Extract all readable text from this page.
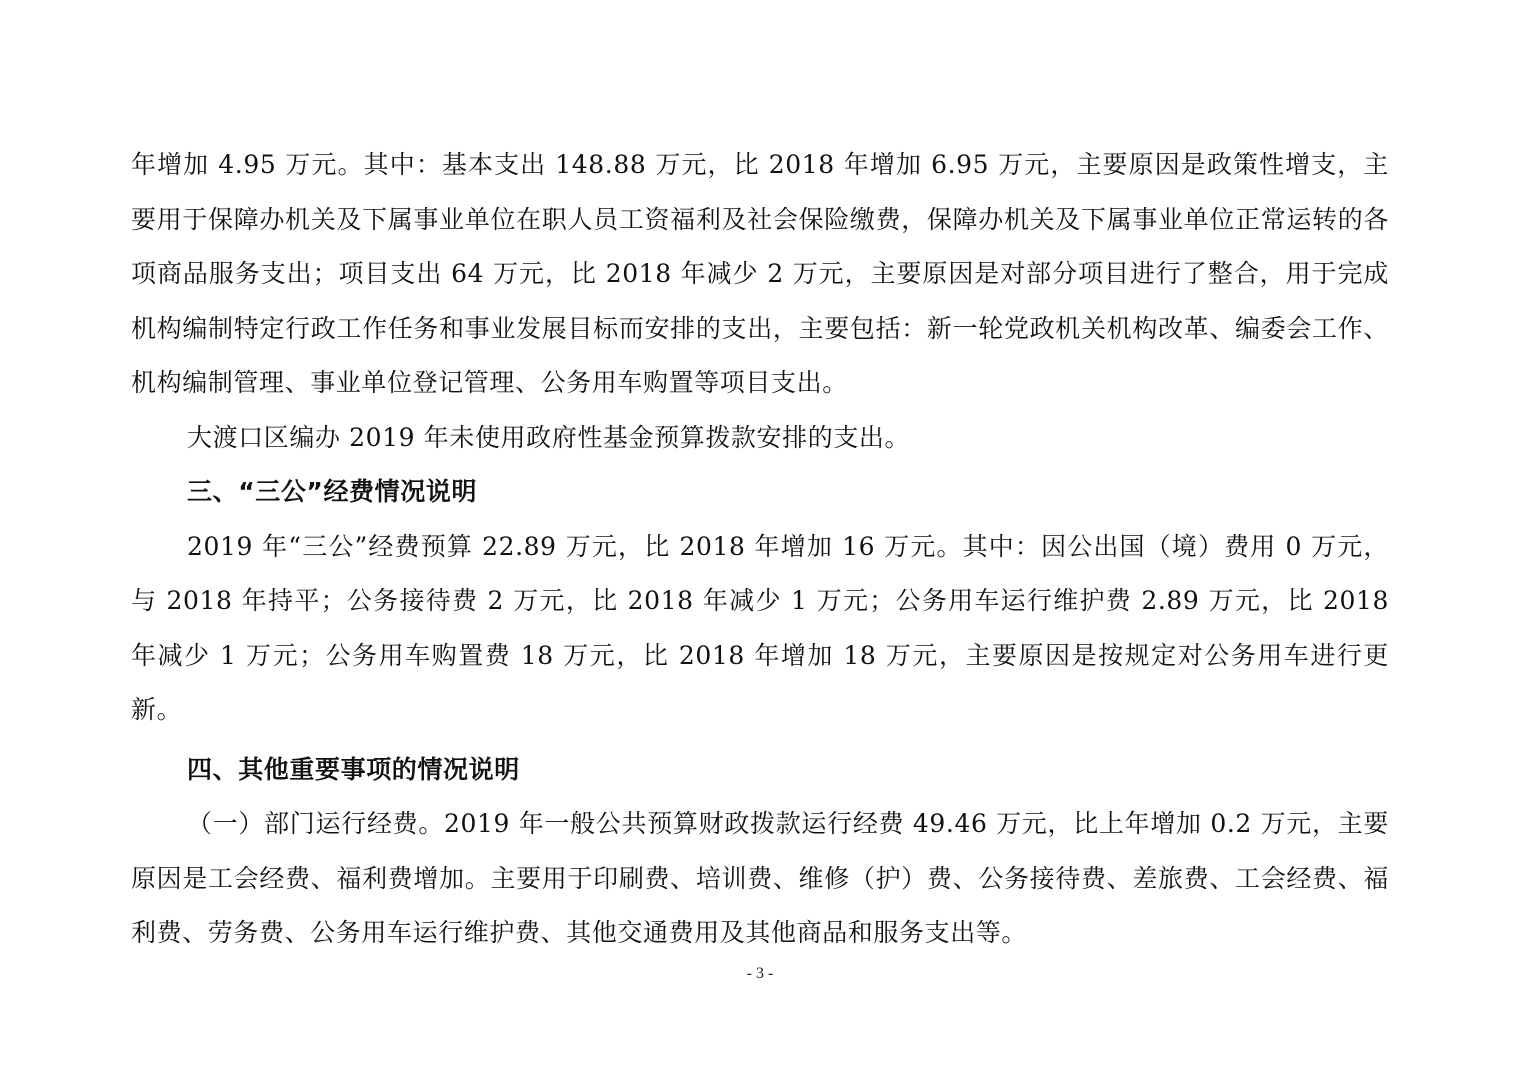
年增加 4.95 万元。其中：基本支出 148.88 万元，比 2018 年增加 6.95 万元，主要原因是政策性增支，主要用于保障办机关及下属事业单位在职人员工资福利及社会保险缴费，保障办机关及下属事业单位正常运转的各项商品服务支出；项目支出 64 万元，比 2018 年减少 2 万元，主要原因是对部分项目进行了整合，用于完成机构编制特定行政工作任务和事业发展目标而安排的支出，主要包括：新一轮党政机关机构改革、编委会工作、机构编制管理、事业单位登记管理、公务用车购置等项目支出。

大渡口区编办 2019 年未使用政府性基金预算拨款安排的支出。

三、“三公”经费情况说明

2019 年“三公”经费预算 22.89 万元，比 2018 年增加 16 万元。其中：因公出国（境）费用 0 万元，与 2018 年持平；公务接待费 2 万元，比 2018 年减少 1 万元；公务用车运行维护费 2.89 万元，比 2018 年减少 1 万元；公务用车购置费 18 万元，比 2018 年增加 18 万元，主要原因是按规定对公务用车进行更新。

四、其他重要事项的情况说明

（一）部门运行经费。2019 年一般公共预算财政拨款运行经费 49.46 万元，比上年增加 0.2 万元，主要原因是工会经费、福利费增加。主要用于印刷费、培训费、维修（护）费、公务接待费、差旅费、工会经费、福利费、劳务费、公务用车运行维护费、其他交通费用及其他商品和服务支出等。

- 3 -
